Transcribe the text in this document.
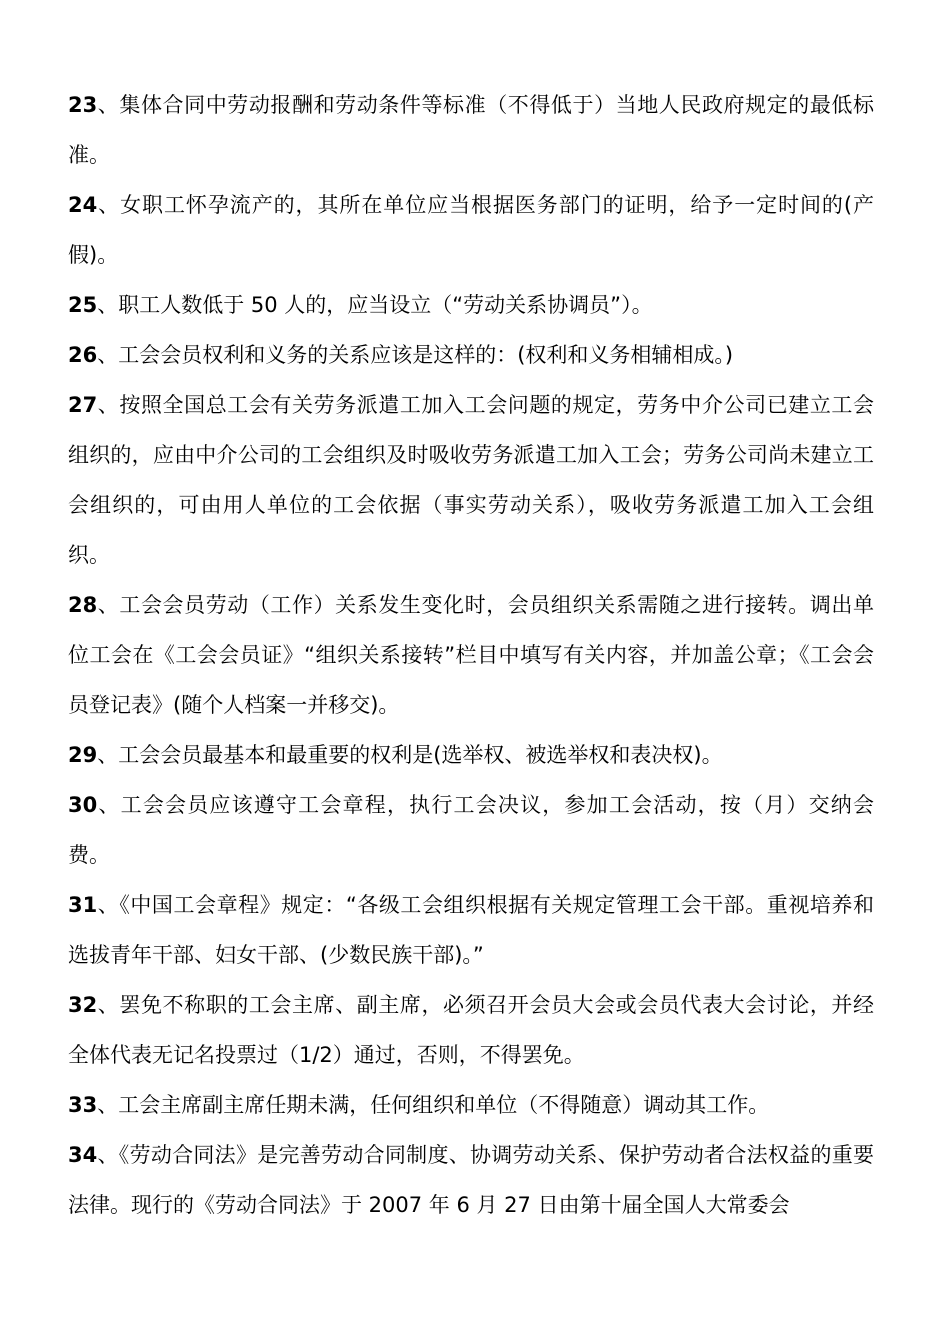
23、集体合同中劳动报酬和劳动条件等标准（不得低于）当地人民政府规定的最低标准。

24、女职工怀孕流产的，其所在单位应当根据医务部门的证明，给予一定时间的(产假)。

25、职工人数低于 50 人的，应当设立（“劳动关系协调员”）。

26、工会会员权利和义务的关系应该是这样的：(权利和义务相辅相成。)

27、按照全国总工会有关劳务派遣工加入工会问题的规定，劳务中介公司已建立工会组织的，应由中介公司的工会组织及时吸收劳务派遣工加入工会；劳务公司尚未建立工会组织的，可由用人单位的工会依据（事实劳动关系），吸收劳务派遣工加入工会组织。

28、工会会员劳动（工作）关系发生变化时，会员组织关系需随之进行接转。调出单位工会在《工会会员证》“组织关系接转”栏目中填写有关内容，并加盖公章；《工会会员登记表》(随个人档案一并移交)。

29、工会会员最基本和最重要的权利是(选举权、被选举权和表决权)。

30、工会会员应该遵守工会章程，执行工会决议，参加工会活动，按（月）交纳会费。

31、《中国工会章程》规定：“各级工会组织根据有关规定管理工会干部。重视培养和选拔青年干部、妇女干部、(少数民族干部)。”

32、罢免不称职的工会主席、副主席，必须召开会员大会或会员代表大会讨论，并经全体代表无记名投票过（1/2）通过，否则，不得罢免。

33、工会主席副主席任期未满，任何组织和单位（不得随意）调动其工作。

34、《劳动合同法》是完善劳动合同制度、协调劳动关系、保护劳动者合法权益的重要法律。现行的《劳动合同法》于 2007 年 6 月 27 日由第十届全国人大常委会
